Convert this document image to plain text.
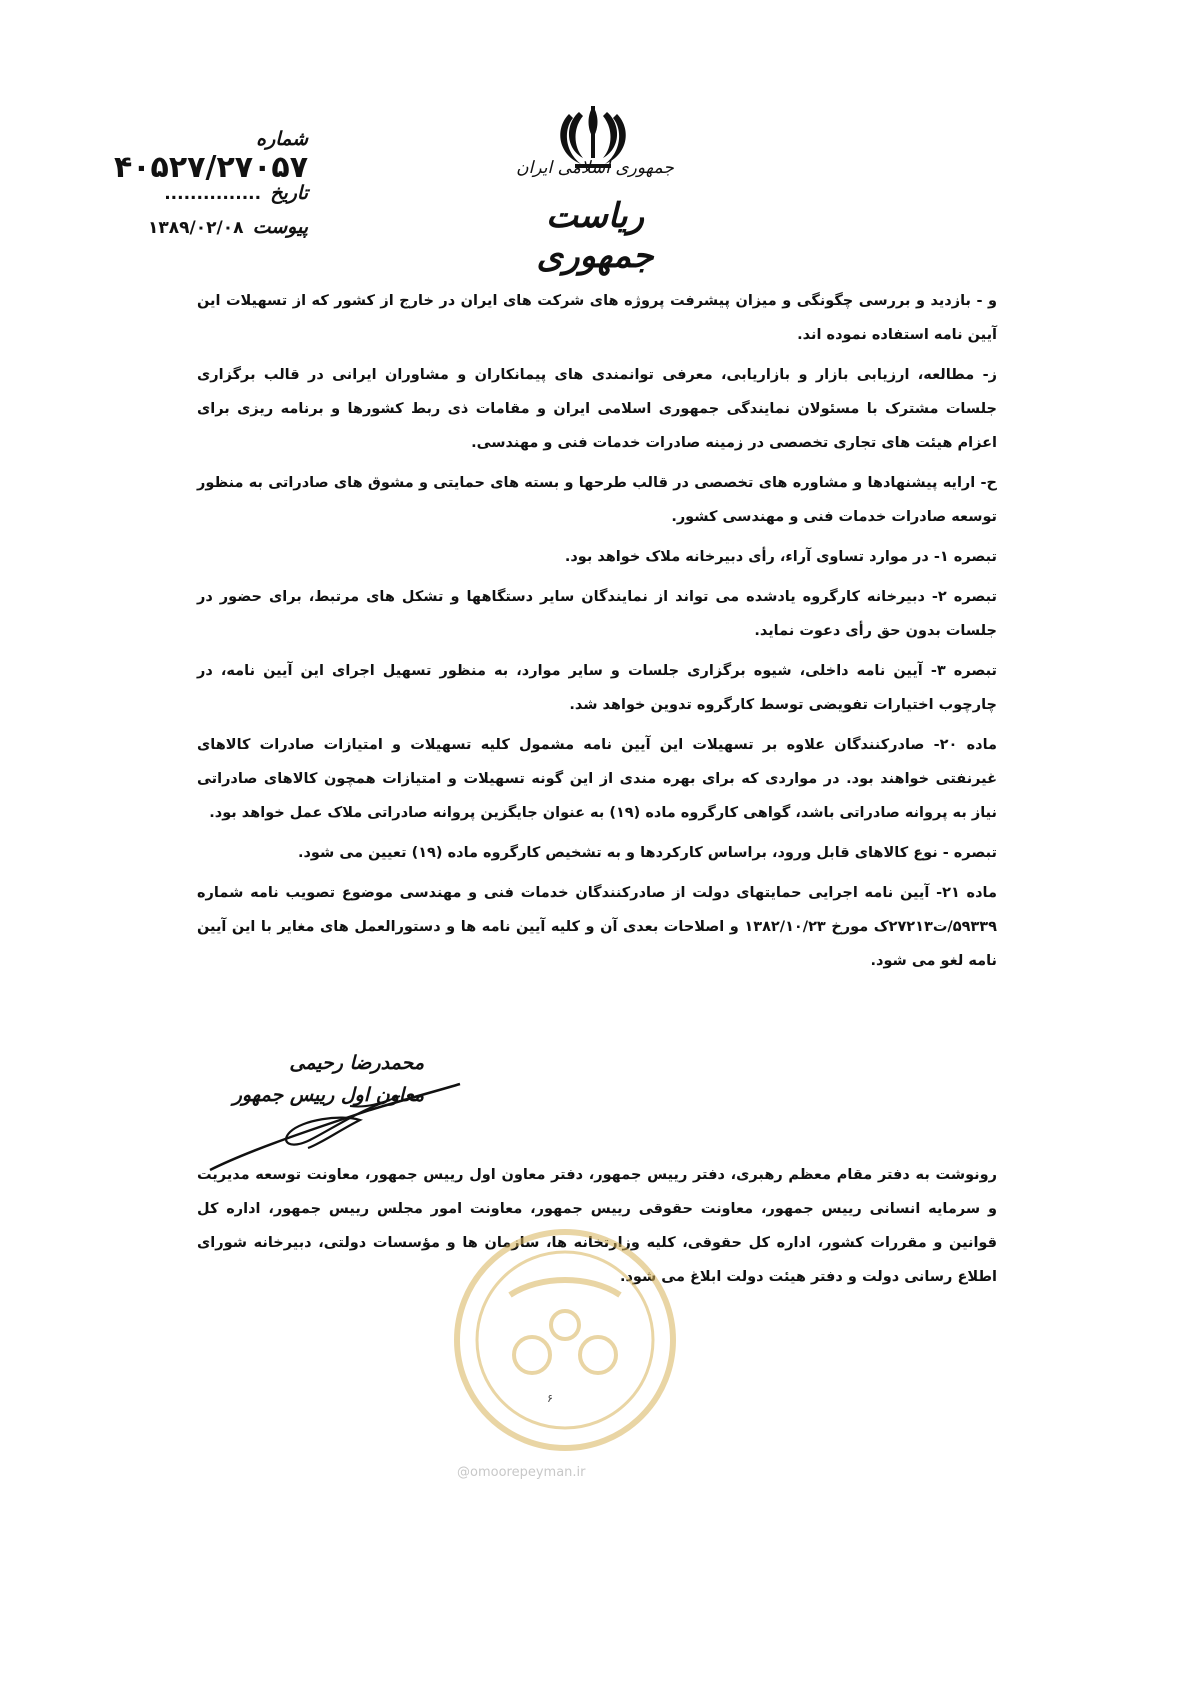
جمهوری اسلامی ایران
ریاست جمهوری
شماره ۴۰۵۲۷/۲۷۰۵۷
تاریخ ...............
پیوست ۱۳۸۹/۰۲/۰۸

و - بازدید و بررسی چگونگی و میزان پیشرفت پروژه های شرکت های ایران در خارج از کشور که از تسهیلات این آیین نامه استفاده نموده اند.

ز- مطالعه، ارزیابی بازار و بازاریابی، معرفی توانمندی های پیمانکاران و مشاوران ایرانی در قالب برگزاری جلسات مشترک با مسئولان نمایندگی جمهوری اسلامی ایران و مقامات ذی ربط کشورها و برنامه ریزی برای اعزام هیئت های تجاری تخصصی در زمینه صادرات خدمات فنی و مهندسی.

ح- ارایه پیشنهادها و مشاوره های تخصصی در قالب طرحها و بسته های حمایتی و مشوق های صادراتی به منظور توسعه صادرات خدمات فنی و مهندسی کشور.

تبصره ۱- در موارد تساوی آراء، رأی دبیرخانه ملاک خواهد بود.

تبصره ۲- دبیرخانه کارگروه یادشده می تواند از نمایندگان سایر دستگاهها و تشکل های مرتبط، برای حضور در جلسات بدون حق رأی دعوت نماید.

تبصره ۳- آیین نامه داخلی، شیوه برگزاری جلسات و سایر موارد، به منظور تسهیل اجرای این آیین نامه، در چارچوب اختیارات تفویضی توسط کارگروه تدوین خواهد شد.

ماده ۲۰- صادرکنندگان علاوه بر تسهیلات این آیین نامه مشمول کلیه تسهیلات و امتیازات صادرات کالاهای غیرنفتی خواهند بود. در مواردی که برای بهره مندی از این گونه تسهیلات و امتیازات همچون کالاهای صادراتی نیاز به پروانه صادراتی باشد، گواهی کارگروه ماده (۱۹) به عنوان جایگزین پروانه صادراتی ملاک عمل خواهد بود.

تبصره - نوع کالاهای قابل ورود، براساس کارکردها و به تشخیص کارگروه ماده (۱۹) تعیین می شود.

ماده ۲۱- آیین نامه اجرایی حمایتهای دولت از صادرکنندگان خدمات فنی و مهندسی موضوع تصویب نامه شماره ۵۹۳۳۹/ت۲۷۲۱۳ک مورخ ۱۳۸۲/۱۰/۲۳ و اصلاحات بعدی آن و کلیه آیین نامه ها و دستورالعمل های مغایر با این آیین نامه لغو می شود.

محمدرضا رحیمی
معاون اول رییس جمهور
رونوشت به دفتر مقام معظم رهبری، دفتر رییس جمهور، دفتر معاون اول رییس جمهور، معاونت توسعه مدیریت و سرمایه انسانی رییس جمهور، معاونت حقوقی رییس جمهور، معاونت امور مجلس رییس جمهور، اداره کل قوانین و مقررات کشور، اداره کل حقوقی، کلیه وزارتخانه ها، سازمان ها و مؤسسات دولتی، دبیرخانه شورای اطلاع رسانی دولت و دفتر هیئت دولت ابلاغ می شود.
۶
@omoorepeyman.ir
